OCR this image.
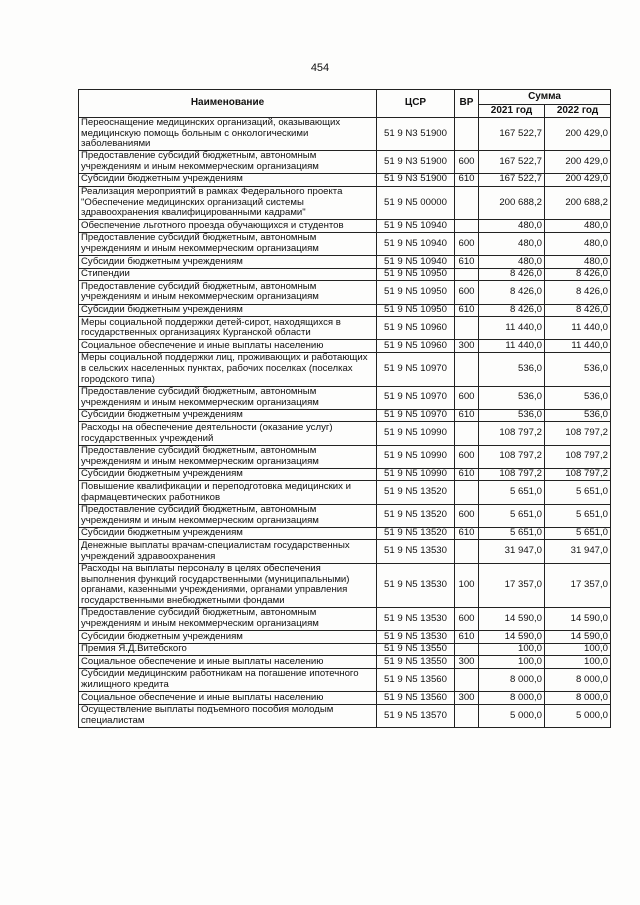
454
Наименование	ЦСР	ВР	Сумма	
			2021 год	2022 год
Переоснащение медицинских организаций, оказывающих медицинскую помощь больным с онкологическими заболеваниями	51 9 N3 51900		167 522,7	200 429,0
Предоставление субсидий бюджетным, автономным учреждениям и иным некоммерческим организациям	51 9 N3 51900	600	167 522,7	200 429,0
Субсидии бюджетным учреждениям	51 9 N3 51900	610	167 522,7	200 429,0
Реализация мероприятий в рамках Федерального проекта "Обеспечение медицинских организаций системы здравоохранения квалифицированными кадрами"	51 9 N5 00000		200 688,2	200 688,2
Обеспечение льготного проезда обучающихся и студентов	51 9 N5 10940		480,0	480,0
Предоставление субсидий бюджетным, автономным учреждениям и иным некоммерческим организациям	51 9 N5 10940	600	480,0	480,0
Субсидии бюджетным учреждениям	51 9 N5 10940	610	480,0	480,0
Стипендии	51 9 N5 10950		8 426,0	8 426,0
Предоставление субсидий бюджетным, автономным учреждениям и иным некоммерческим организациям	51 9 N5 10950	600	8 426,0	8 426,0
Субсидии бюджетным учреждениям	51 9 N5 10950	610	8 426,0	8 426,0
Меры социальной поддержки детей-сирот, находящихся в государственных организациях Курганской области	51 9 N5 10960		11 440,0	11 440,0
Социальное обеспечение и иные выплаты населению	51 9 N5 10960	300	11 440,0	11 440,0
Меры социальной поддержки лиц, проживающих и работающих в сельских населенных пунктах, рабочих поселках (поселках городского типа)	51 9 N5 10970		536,0	536,0
Предоставление субсидий бюджетным, автономным учреждениям и иным некоммерческим организациям	51 9 N5 10970	600	536,0	536,0
Субсидии бюджетным учреждениям	51 9 N5 10970	610	536,0	536,0
Расходы на обеспечение деятельности (оказание услуг) государственных учреждений	51 9 N5 10990		108 797,2	108 797,2
Предоставление субсидий бюджетным, автономным учреждениям и иным некоммерческим организациям	51 9 N5 10990	600	108 797,2	108 797,2
Субсидии бюджетным учреждениям	51 9 N5 10990	610	108 797,2	108 797,2
Повышение квалификации и переподготовка медицинских и фармацевтических работников	51 9 N5 13520		5 651,0	5 651,0
Предоставление субсидий бюджетным, автономным учреждениям и иным некоммерческим организациям	51 9 N5 13520	600	5 651,0	5 651,0
Субсидии бюджетным учреждениям	51 9 N5 13520	610	5 651,0	5 651,0
Денежные выплаты врачам-специалистам государственных учреждений здравоохранения	51 9 N5 13530		31 947,0	31 947,0
Расходы на выплаты персоналу в целях обеспечения выполнения функций государственными (муниципальными) органами, казенными учреждениями, органами управления государственными внебюджетными фондами	51 9 N5 13530	100	17 357,0	17 357,0
Предоставление субсидий бюджетным, автономным учреждениям и иным некоммерческим организациям	51 9 N5 13530	600	14 590,0	14 590,0
Субсидии бюджетным учреждениям	51 9 N5 13530	610	14 590,0	14 590,0
Премия Я.Д.Витебского	51 9 N5 13550		100,0	100,0
Социальное обеспечение и иные выплаты населению	51 9 N5 13550	300	100,0	100,0
Субсидии медицинским работникам на погашение ипотечного жилищного кредита	51 9 N5 13560		8 000,0	8 000,0
Социальное обеспечение и иные выплаты населению	51 9 N5 13560	300	8 000,0	8 000,0
Осуществление выплаты подъемного пособия молодым специалистам	51 9 N5 13570		5 000,0	5 000,0
